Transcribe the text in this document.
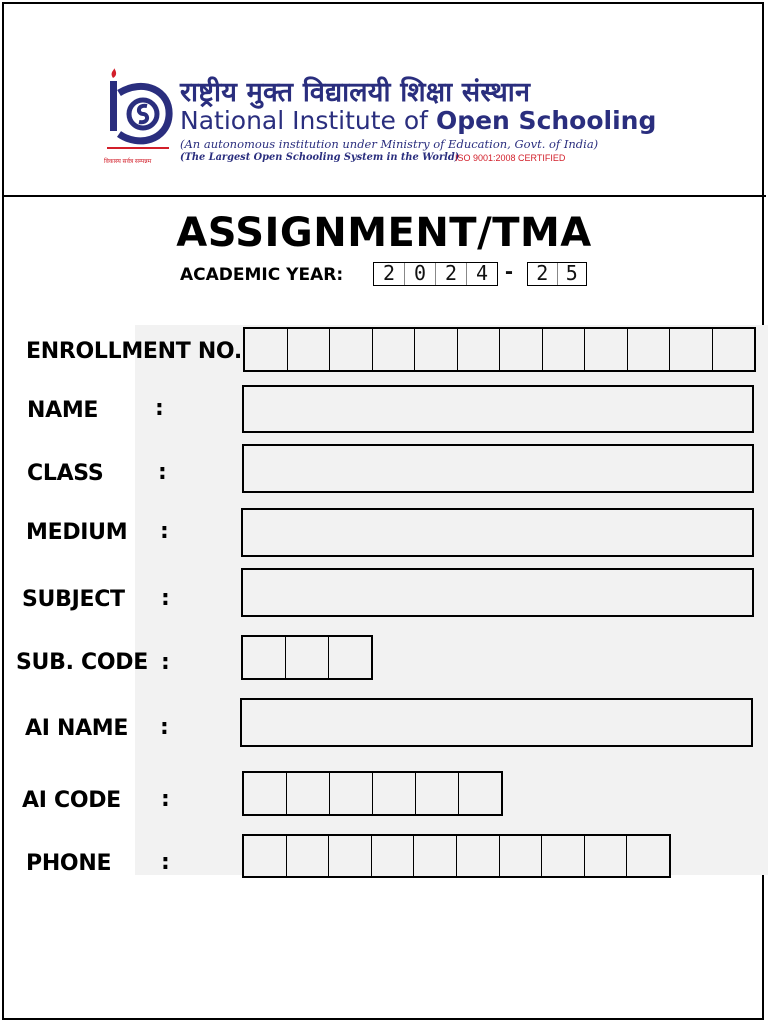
विकास्य सर्वत्र सम्पन्नम
राष्ट्रीय मुक्त विद्यालयी शिक्षा संस्थान
National Institute of Open Schooling
(An autonomous institution under Ministry of Education, Govt. of India)
(The Largest Open Schooling System in the World)
ISO 9001:2008 CERTIFIED
ASSIGNMENT/TMA
ACADEMIC YEAR:	2 0 2 4 -	2 5
ENROLLMENT NO.
NAME	:
CLASS :
MEDIUM :
SUBJECT :
SUB. CODE :
AI NAME :
AI CODE :
PHONE :
